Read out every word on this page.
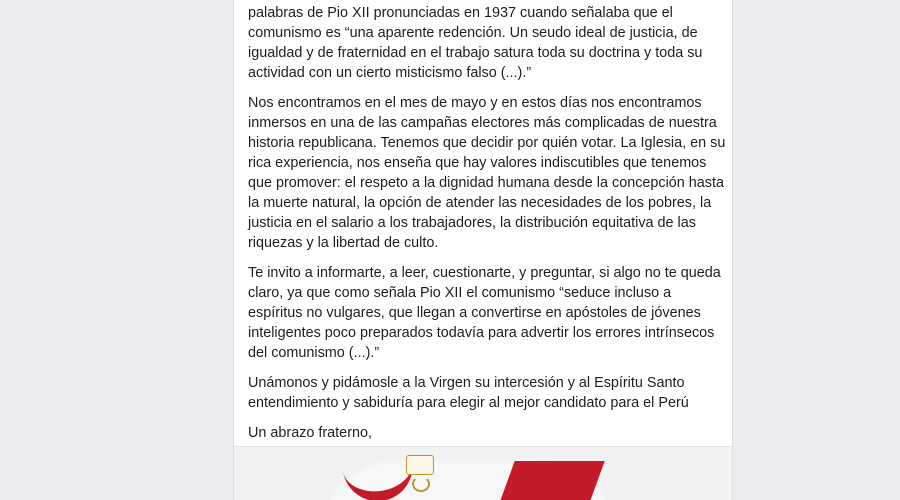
palabras de Pio XII pronunciadas en 1937 cuando señalaba que el comunismo es “una aparente redención. Un seudo ideal de justicia, de igualdad y de fraternidad en el trabajo satura toda su doctrina y toda su actividad con un cierto misticismo falso (...).”

Nos encontramos en el mes de mayo y en estos días nos encontramos inmersos en una de las campañas electores más complicadas de nuestra historia republicana. Tenemos que decidir por quién votar. La Iglesia, en su rica experiencia, nos enseña que hay valores indiscutibles que tenemos que promover: el respeto a la dignidad humana desde la concepción hasta la muerte natural, la opción de atender las necesidades de los pobres, la justicia en el salario a los trabajadores, la distribución equitativa de las riquezas y la libertad de culto.

Te invito a informarte, a leer, cuestionarte, y preguntar, si algo no te queda claro, ya que como señala Pio XII el comunismo “seduce incluso a espíritus no vulgares, que llegan a convertirse en apóstoles de jóvenes inteligentes poco preparados todavía para advertir los errores intrínsecos del comunismo (...).”

Unámonos y pidámosle a la Virgen su intercesión y al Espíritu Santo entendimiento y sabiduría para elegir al mejor candidato para el Perú

Un abrazo fraterno,
